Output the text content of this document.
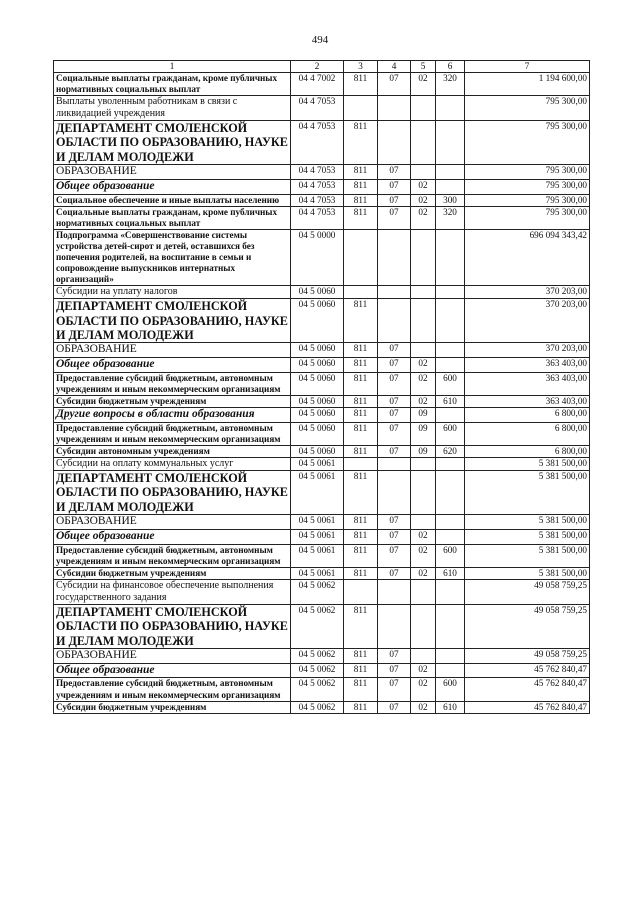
494
1	2	3	4	5	6	7
Социальные выплаты гражданам, кроме публичных нормативных социальных выплат	04 4 7002	811	07	02	320	1 194 600,00
Выплаты уволенным работникам в связи с ликвидацией учреждения	04 4 7053					795 300,00
ДЕПАРТАМЕНТ СМОЛЕНСКОЙ ОБЛАСТИ ПО ОБРАЗОВАНИЮ, НАУКЕ И ДЕЛАМ МОЛОДЕЖИ	04 4 7053	811				795 300,00
ОБРАЗОВАНИЕ	04 4 7053	811	07			795 300,00
Общее образование	04 4 7053	811	07	02		795 300,00
Социальное обеспечение и иные выплаты населению	04 4 7053	811	07	02	300	795 300,00
Социальные выплаты гражданам, кроме публичных нормативных социальных выплат	04 4 7053	811	07	02	320	795 300,00
Подпрограмма «Совершенствование системы устройства детей-сирот и детей, оставшихся без попечения родителей, на воспитание в семьи и сопровождение выпускников интернатных организаций»	04 5 0000					696 094 343,42
Субсидии на уплату налогов	04 5 0060					370 203,00
ДЕПАРТАМЕНТ СМОЛЕНСКОЙ ОБЛАСТИ ПО ОБРАЗОВАНИЮ, НАУКЕ И ДЕЛАМ МОЛОДЕЖИ	04 5 0060	811				370 203,00
ОБРАЗОВАНИЕ	04 5 0060	811	07			370 203,00
Общее образование	04 5 0060	811	07	02		363 403,00
Предоставление субсидий бюджетным, автономным учреждениям и иным некоммерческим организациям	04 5 0060	811	07	02	600	363 403,00
Субсидии бюджетным учреждениям	04 5 0060	811	07	02	610	363 403,00
Другие вопросы в области образования	04 5 0060	811	07	09		6 800,00
Предоставление субсидий бюджетным, автономным учреждениям и иным некоммерческим организациям	04 5 0060	811	07	09	600	6 800,00
Субсидии автономным учреждениям	04 5 0060	811	07	09	620	6 800,00
Субсидии на оплату коммунальных услуг	04 5 0061					5 381 500,00
ДЕПАРТАМЕНТ СМОЛЕНСКОЙ ОБЛАСТИ ПО ОБРАЗОВАНИЮ, НАУКЕ И ДЕЛАМ МОЛОДЕЖИ	04 5 0061	811				5 381 500,00
ОБРАЗОВАНИЕ	04 5 0061	811	07			5 381 500,00
Общее образование	04 5 0061	811	07	02		5 381 500,00
Предоставление субсидий бюджетным, автономным учреждениям и иным некоммерческим организациям	04 5 0061	811	07	02	600	5 381 500,00
Субсидии бюджетным учреждениям	04 5 0061	811	07	02	610	5 381 500,00
Субсидии на финансовое обеспечение выполнения государственного задания	04 5 0062					49 058 759,25
ДЕПАРТАМЕНТ СМОЛЕНСКОЙ ОБЛАСТИ ПО ОБРАЗОВАНИЮ, НАУКЕ И ДЕЛАМ МОЛОДЕЖИ	04 5 0062	811				49 058 759,25
ОБРАЗОВАНИЕ	04 5 0062	811	07			49 058 759,25
Общее образование	04 5 0062	811	07	02		45 762 840,47
Предоставление субсидий бюджетным, автономным учреждениям и иным некоммерческим организациям	04 5 0062	811	07	02	600	45 762 840,47
Субсидии бюджетным учреждениям	04 5 0062	811	07	02	610	45 762 840,47
